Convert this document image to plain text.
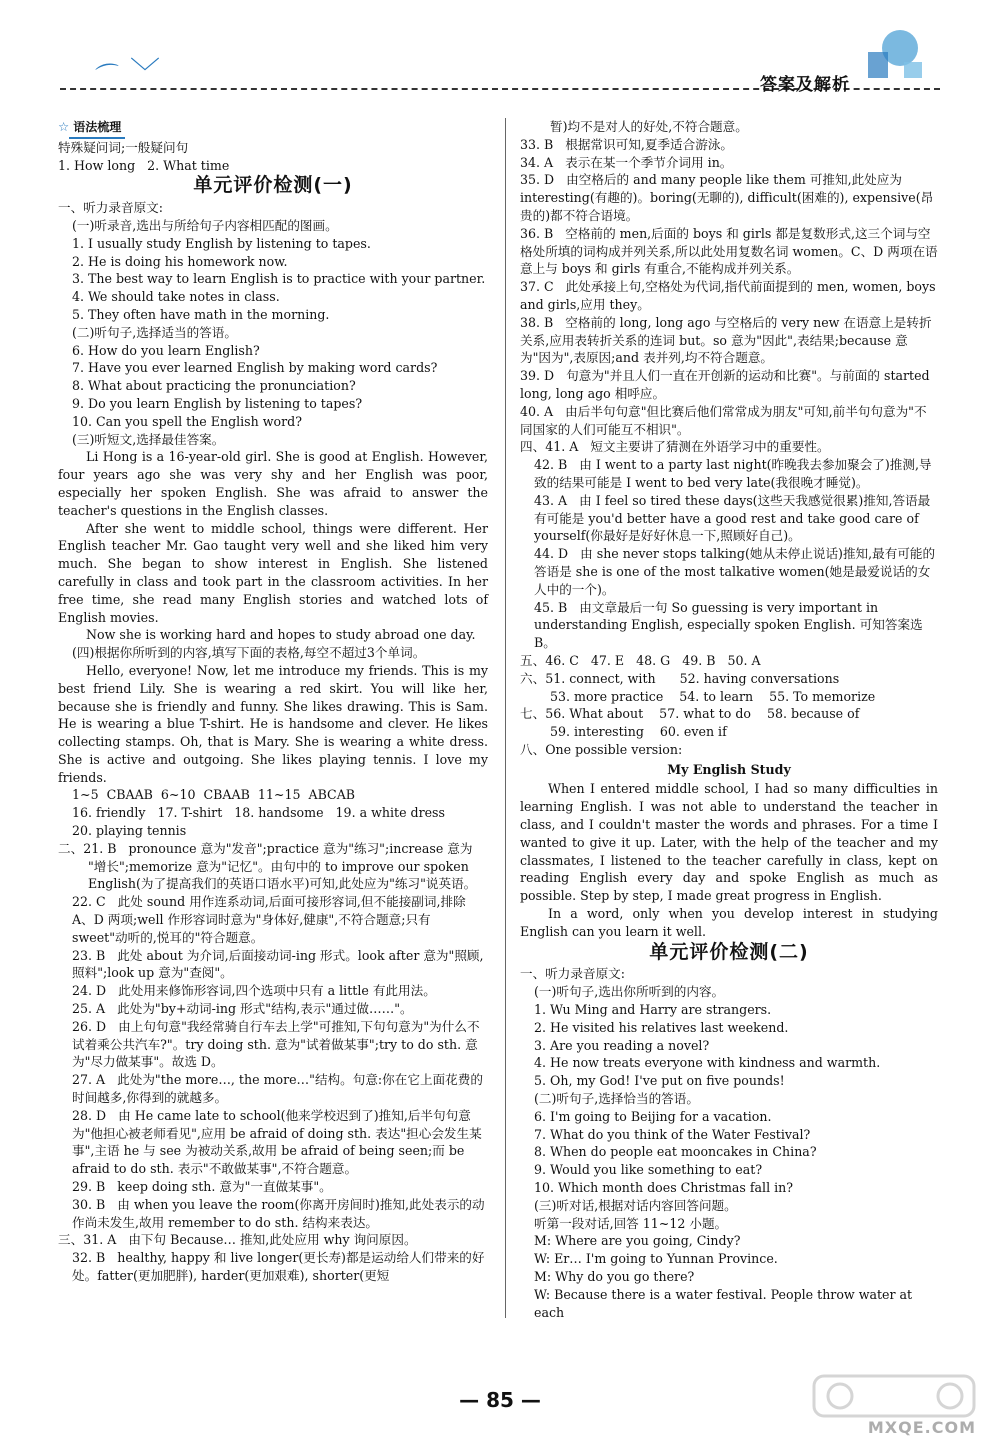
⌒ ﹀	答案及解析
☆ 语法梳理
特殊疑问词;一般疑问句
1. How long   2. What time
单元评价检测(一)
一、听力录音原文:
(一)听录音,选出与所给句子内容相匹配的图画。
1. I usually study English by listening to tapes.
2. He is doing his homework now.
3. The best way to learn English is to practice with your partner.
4. We should take notes in class.
5. They often have math in the morning.
(二)听句子,选择适当的答语。
6. How do you learn English?
7. Have you ever learned English by making word cards?
8. What about practicing the pronunciation?
9. Do you learn English by listening to tapes?
10. Can you spell the English word?
(三)听短文,选择最佳答案。
Li Hong is a 16-year-old girl. She is good at English. However, four years ago she was very shy and her English was poor, especially her spoken English. She was afraid to answer the teacher's questions in the English classes.
After she went to middle school, things were different. Her English teacher Mr. Gao taught very well and she liked him very much. She began to show interest in English. She listened carefully in class and took part in the classroom activities. In her free time, she read many English stories and watched lots of English movies.
Now she is working hard and hopes to study abroad one day.
(四)根据你所听到的内容,填写下面的表格,每空不超过3个单词。
Hello, everyone! Now, let me introduce my friends. This is my best friend Lily. She is wearing a red skirt. You will like her, because she is friendly and funny. She likes drawing. This is Sam. He is wearing a blue T-shirt. He is handsome and clever. He likes collecting stamps. Oh, that is Mary. She is wearing a white dress. She is active and outgoing. She likes playing tennis. I love my friends.
1~5  CBAAB  6~10  CBAAB  11~15  ABCAB
16. friendly   17. T-shirt   18. handsome   19. a white dress
20. playing tennis
二、21. B   pronounce 意为"发音";practice 意为"练习";increase 意为
"增长";memorize 意为"记忆"。由句中的 to improve our spoken English(为了提高我们的英语口语水平)可知,此处应为"练习"说英语。
22. C   此处 sound 用作连系动词,后面可接形容词,但不能接副词,排除 A、D 两项;well 作形容词时意为"身体好,健康",不符合题意;只有 sweet"动听的,悦耳的"符合题意。
23. B   此处 about 为介词,后面接动词-ing 形式。look after 意为"照顾,照料";look up 意为"查阅"。
24. D   此处用来修饰形容词,四个选项中只有 a little 有此用法。
25. A   此处为"by+动词-ing 形式"结构,表示"通过做……"。
26. D   由上句句意"我经常骑自行车去上学"可推知,下句句意为"为什么不试着乘公共汽车?"。try doing sth. 意为"试着做某事";try to do sth. 意为"尽力做某事"。故选 D。
27. A   此处为"the more…, the more…"结构。句意:你在它上面花费的时间越多,你得到的就越多。
28. D   由 He came late to school(他来学校迟到了)推知,后半句句意为"他担心被老师看见",应用 be afraid of doing sth. 表达"担心会发生某事",主语 he 与 see 为被动关系,故用 be afraid of being seen;而 be afraid to do sth. 表示"不敢做某事",不符合题意。
29. B   keep doing sth. 意为"一直做某事"。
30. B   由 when you leave the room(你离开房间时)推知,此处表示的动作尚未发生,故用 remember to do sth. 结构来表达。
三、31. A   由下句 Because… 推知,此处应用 why 询问原因。
32. B   healthy, happy 和 live longer(更长寿)都是运动给人们带来的好处。fatter(更加肥胖), harder(更加艰难), shorter(更短
暂)均不是对人的好处,不符合题意。
33. B   根据常识可知,夏季适合游泳。
34. A   表示在某一个季节介词用 in。
35. D   由空格后的 and many people like them 可推知,此处应为 interesting(有趣的)。boring(无聊的), difficult(困难的), expensive(昂贵的)都不符合语境。
36. B   空格前的 men,后面的 boys 和 girls 都是复数形式,这三个词与空格处所填的词构成并列关系,所以此处用复数名词 women。C、D 两项在语意上与 boys 和 girls 有重合,不能构成并列关系。
37. C   此处承接上句,空格处为代词,指代前面提到的 men, women, boys and girls,应用 they。
38. B   空格前的 long, long ago 与空格后的 very new 在语意上是转折关系,应用表转折关系的连词 but。so 意为"因此",表结果;because 意为"因为",表原因;and 表并列,均不符合题意。
39. D   句意为"并且人们一直在开创新的运动和比赛"。与前面的 started long, long ago 相呼应。
40. A   由后半句句意"但比赛后他们常常成为朋友"可知,前半句句意为"不同国家的人们可能互不相识"。
四、41. A   短文主要讲了猜测在外语学习中的重要性。
42. B   由 I went to a party last night(昨晚我去参加聚会了)推测,导致的结果可能是 I went to bed very late(我很晚才睡觉)。
43. A   由 I feel so tired these days(这些天我感觉很累)推知,答语最有可能是 you'd better have a good rest and take good care of yourself(你最好是好好休息一下,照顾好自己)。
44. D   由 she never stops talking(她从未停止说话)推知,最有可能的答语是 she is one of the most talkative women(她是最爱说话的女人中的一个)。
45. B   由文章最后一句 So guessing is very important in understanding English, especially spoken English. 可知答案选 B。
五、46. C   47. E   48. G   49. B   50. A
六、51. connect, with      52. having conversations
53. more practice    54. to learn    55. To memorize
七、56. What about    57. what to do    58. because of
59. interesting    60. even if
八、One possible version:
My English Study
When I entered middle school, I had so many difficulties in learning English. I was not able to understand the teacher in class, and I couldn't master the words and phrases. For a time I wanted to give it up. Later, with the help of the teacher and my classmates, I listened to the teacher carefully in class, kept on reading English every day and spoke English as much as possible. Step by step, I made great progress in English.
In a word, only when you develop interest in studying English can you learn it well.
单元评价检测(二)
一、听力录音原文:
(一)听句子,选出你所听到的内容。
1. Wu Ming and Harry are strangers.
2. He visited his relatives last weekend.
3. Are you reading a novel?
4. He now treats everyone with kindness and warmth.
5. Oh, my God! I've put on five pounds!
(二)听句子,选择恰当的答语。
6. I'm going to Beijing for a vacation.
7. What do you think of the Water Festival?
8. When do people eat mooncakes in China?
9. Would you like something to eat?
10. Which month does Christmas fall in?
(三)听对话,根据对话内容回答问题。
听第一段对话,回答 11~12 小题。
M: Where are you going, Cindy?
W: Er… I'm going to Yunnan Province.
M: Why do you go there?
W: Because there is a water festival. People throw water at each
— 85 —
MXQE.COM
